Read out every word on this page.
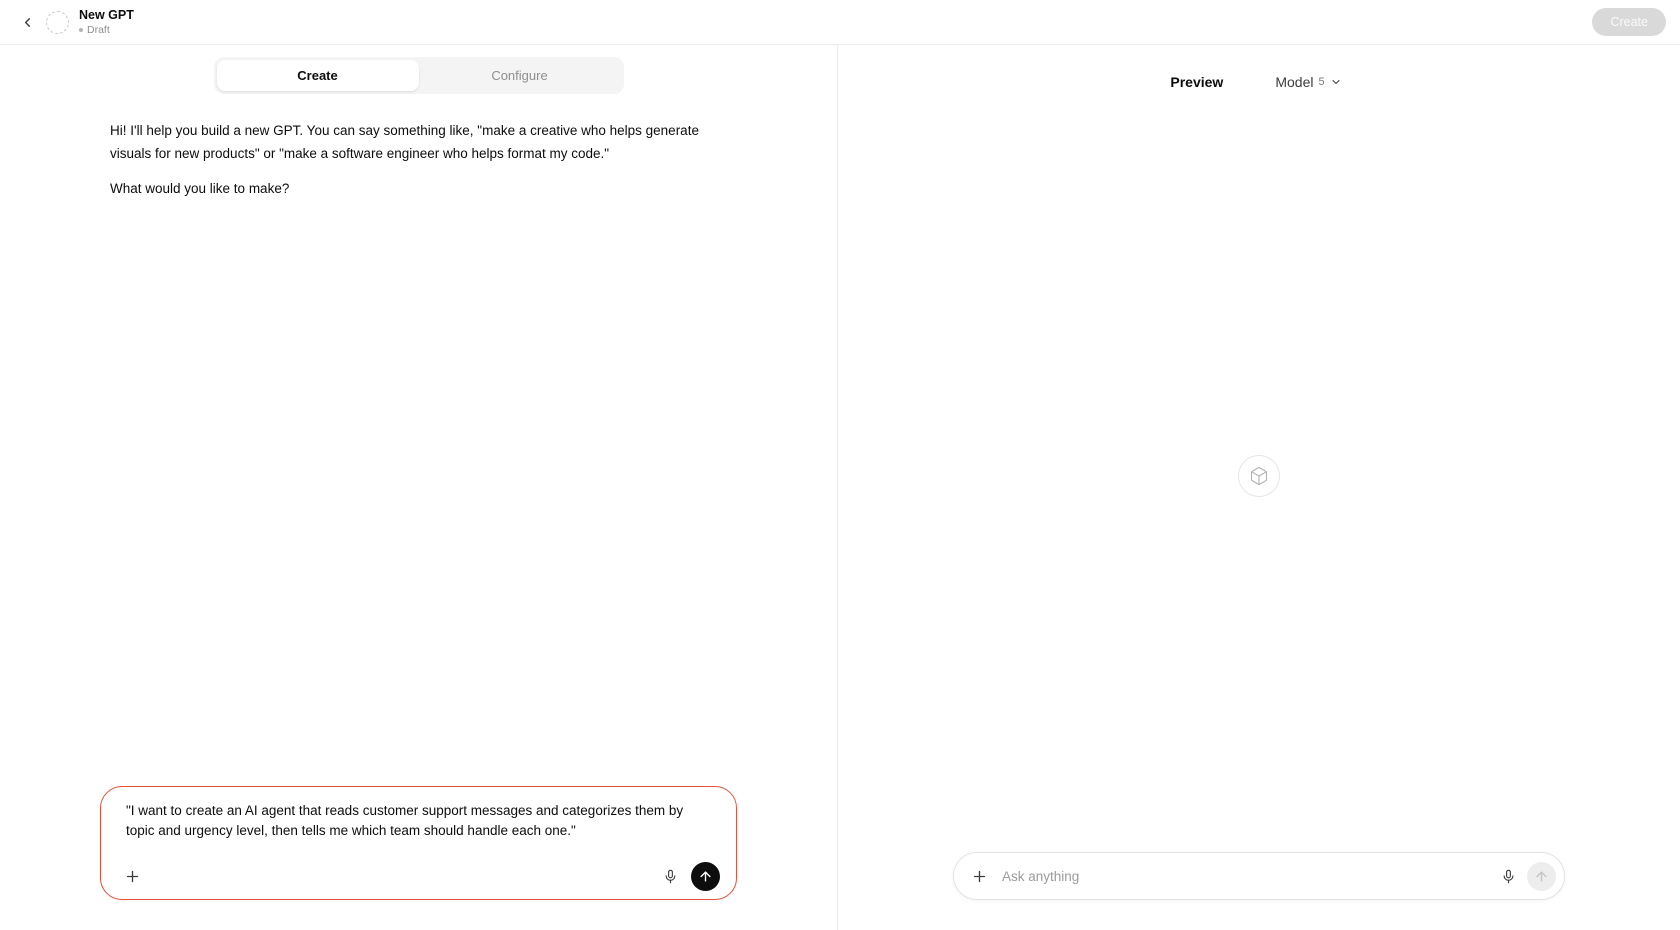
New GPT
Draft
Create
Create	Configure

Hi! I'll help you build a new GPT. You can say something like, "make a creative who helps generate visuals for new products" or "make a software engineer who helps format my code."

What would you like to make?

"I want to create an AI agent that reads customer support messages and categorizes them by topic and urgency level, then tells me which team should handle each one."
Preview	Model 5
Ask anything
